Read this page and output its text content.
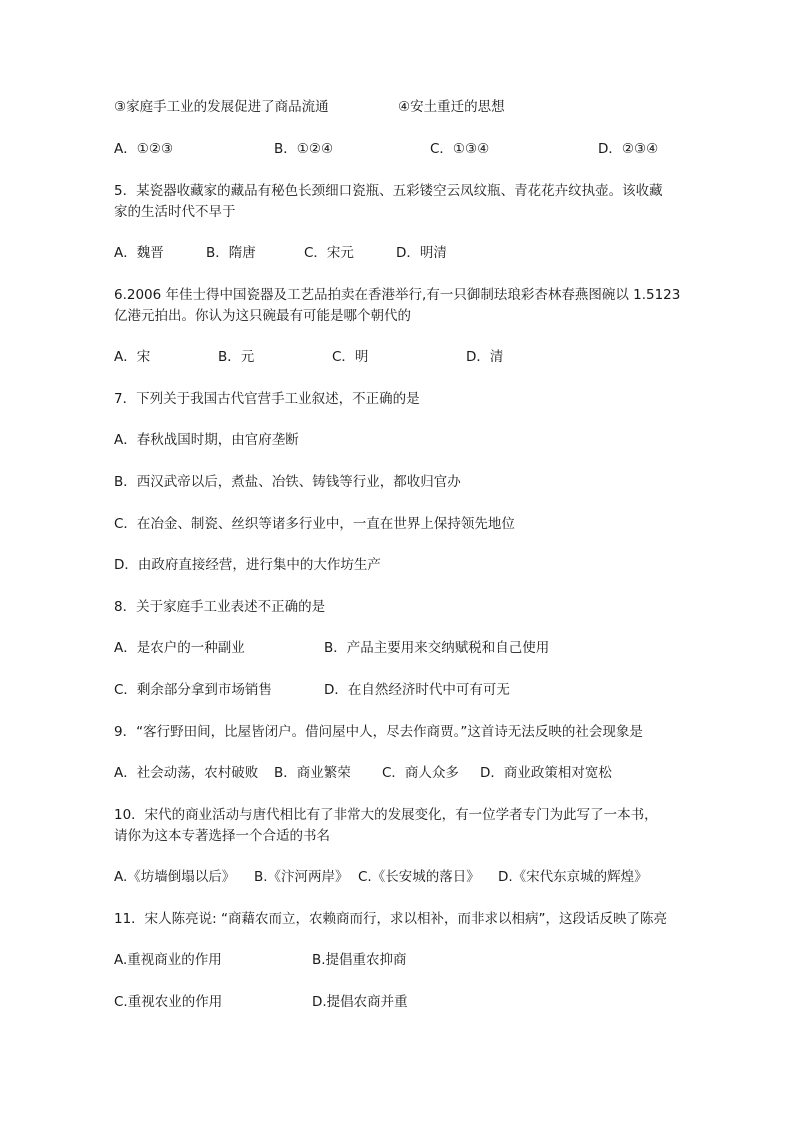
③家庭手工业的发展促进了商品流通	④安土重迁的思想
A．①②③	B．①②④	C．①③④	D．②③④
5．某瓷器收藏家的藏品有秘色长颈细口瓷瓶、五彩镂空云凤纹瓶、青花花卉纹执壶。该收藏
家的生活时代不早于
A．魏晋	B．隋唐	C．宋元	D．明清
6.2006 年佳士得中国瓷器及工艺品拍卖在香港举行,有一只御制珐琅彩杏林春燕图碗以 1.5123
亿港元拍出。你认为这只碗最有可能是哪个朝代的
A．宋	B．元	C．明	D．清
7．下列关于我国古代官营手工业叙述，不正确的是
A．春秋战国时期，由官府垄断
B．西汉武帝以后，煮盐、冶铁、铸钱等行业，都收归官办
C．在冶金、制瓷、丝织等诸多行业中，一直在世界上保持领先地位
D．由政府直接经营，进行集中的大作坊生产
8．关于家庭手工业表述不正确的是
A．是农户的一种副业	B．产品主要用来交纳赋税和自己使用
C．剩余部分拿到市场销售	D．在自然经济时代中可有可无
9．“客行野田间，比屋皆闭户。借问屋中人，尽去作商贾。”这首诗无法反映的社会现象是
A．社会动荡，农村破败 B．商业繁荣 C．商人众多 D．商业政策相对宽松
10．宋代的商业活动与唐代相比有了非常大的发展变化，有一位学者专门为此写了一本书，
请你为这本专著选择一个合适的书名
A.《坊墙倒塌以后》 B.《汴河两岸》 C.《长安城的落日》 D.《宋代东京城的辉煌》
11．宋人陈亮说: “商藉农而立，农赖商而行，求以相补，而非求以相病”，这段话反映了陈亮
A.重视商业的作用	B.提倡重农抑商
C.重视农业的作用	D.提倡农商并重
